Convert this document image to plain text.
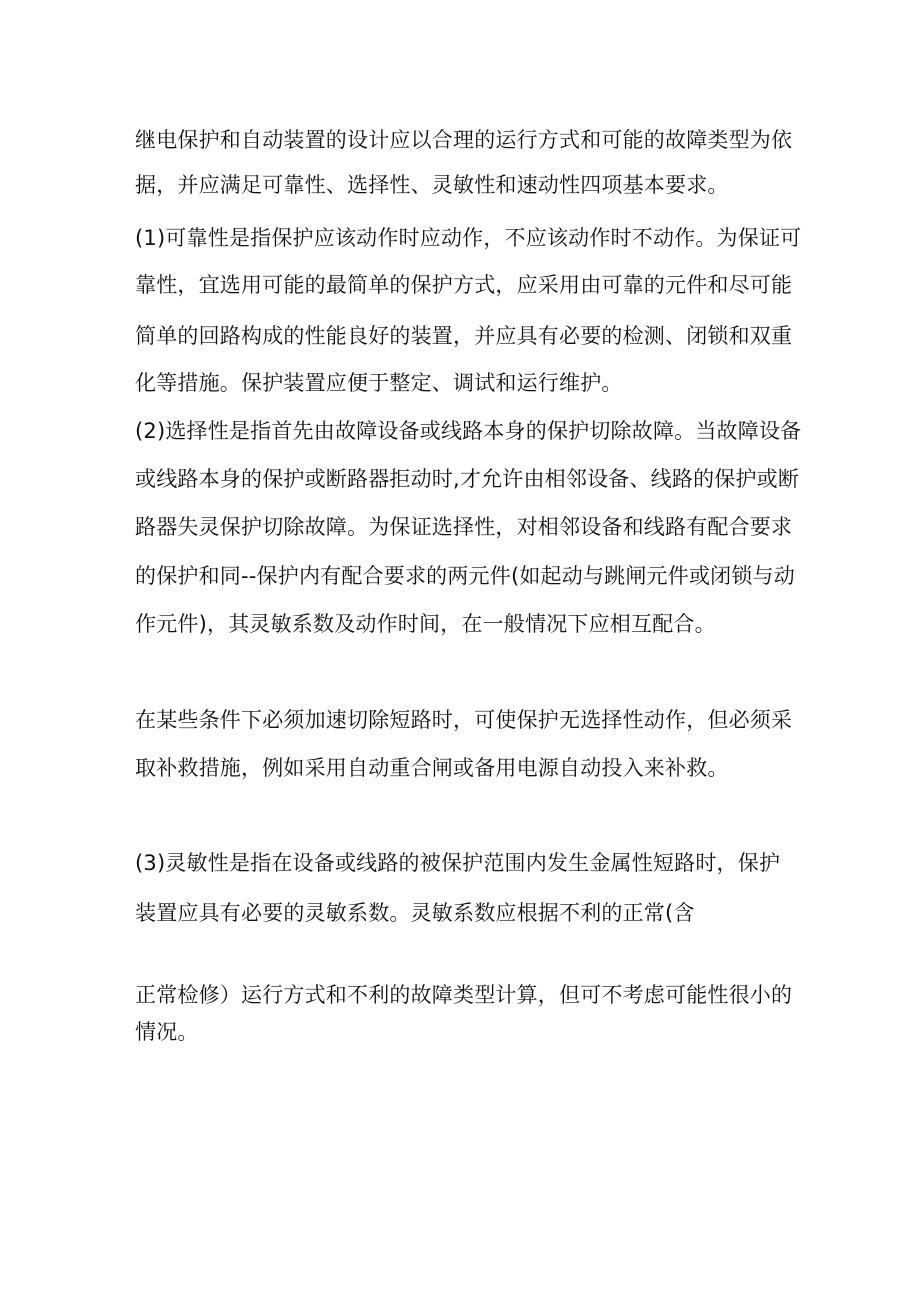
继电保护和自动装置的设计应以合理的运行方式和可能的故障类型为依
据，并应满足可靠性、选择性、灵敏性和速动性四项基本要求。
(1)可靠性是指保护应该动作时应动作，不应该动作时不动作。为保证可
靠性，宜选用可能的最简单的保护方式，应采用由可靠的元件和尽可能
简单的回路构成的性能良好的装置，并应具有必要的检测、闭锁和双重
化等措施。保护装置应便于整定、调试和运行维护。
(2)选择性是指首先由故障设备或线路本身的保护切除故障。当故障设备
或线路本身的保护或断路器拒动时,才允许由相邻设备、线路的保护或断
路器失灵保护切除故障。为保证选择性，对相邻设备和线路有配合要求
的保护和同--保护内有配合要求的两元件(如起动与跳闸元件或闭锁与动
作元件)，其灵敏系数及动作时间，在一般情况下应相互配合。
在某些条件下必须加速切除短路时，可使保护无选择性动作，但必须采
取补救措施，例如采用自动重合闸或备用电源自动投入来补救。
(3)灵敏性是指在设备或线路的被保护范围内发生金属性短路时，保护
装置应具有必要的灵敏系数。灵敏系数应根据不利的正常(含
正常检修）运行方式和不利的故障类型计算，但可不考虑可能性很小的
情况。
